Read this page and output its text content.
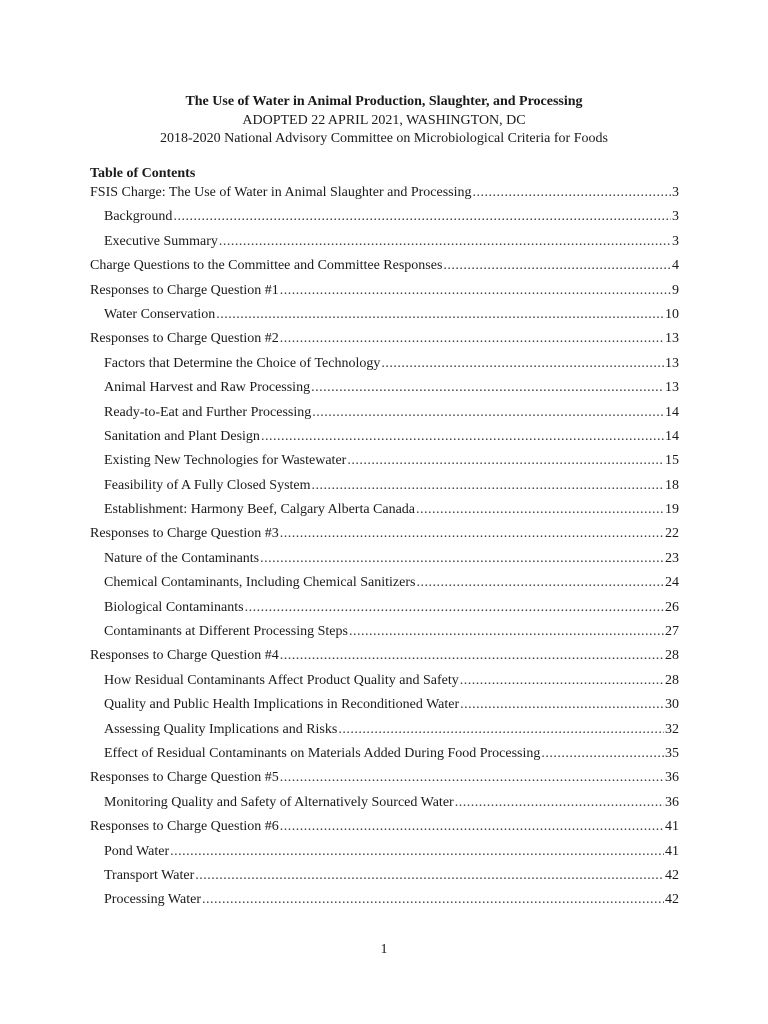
The Use of Water in Animal Production, Slaughter, and Processing
ADOPTED 22 APRIL 2021, WASHINGTON, DC
2018-2020 National Advisory Committee on Microbiological Criteria for Foods
Table of Contents
FSIS Charge: The Use of Water in Animal Slaughter and Processing .....	3
Background .....	3
Executive Summary .....	3
Charge Questions to the Committee and Committee Responses .....	4
Responses to Charge Question #1 .....	9
Water Conservation .....	10
Responses to Charge Question #2 .....	13
Factors that Determine the Choice of Technology .....	13
Animal Harvest and Raw Processing .....	13
Ready-to-Eat and Further Processing .....	14
Sanitation and Plant Design .....	14
Existing New Technologies for Wastewater .....	15
Feasibility of A Fully Closed System .....	18
Establishment: Harmony Beef, Calgary Alberta Canada .....	19
Responses to Charge Question #3 .....	22
Nature of the Contaminants .....	23
Chemical Contaminants, Including Chemical Sanitizers .....	24
Biological Contaminants .....	26
Contaminants at Different Processing Steps .....	27
Responses to Charge Question #4 .....	28
How Residual Contaminants Affect Product Quality and Safety .....	28
Quality and Public Health Implications in Reconditioned Water .....	30
Assessing Quality Implications and Risks .....	32
Effect of Residual Contaminants on Materials Added During Food Processing .....	35
Responses to Charge Question #5 .....	36
Monitoring Quality and Safety of Alternatively Sourced Water .....	36
Responses to Charge Question #6 .....	41
Pond Water .....	41
Transport Water .....	42
Processing Water .....	42
1
